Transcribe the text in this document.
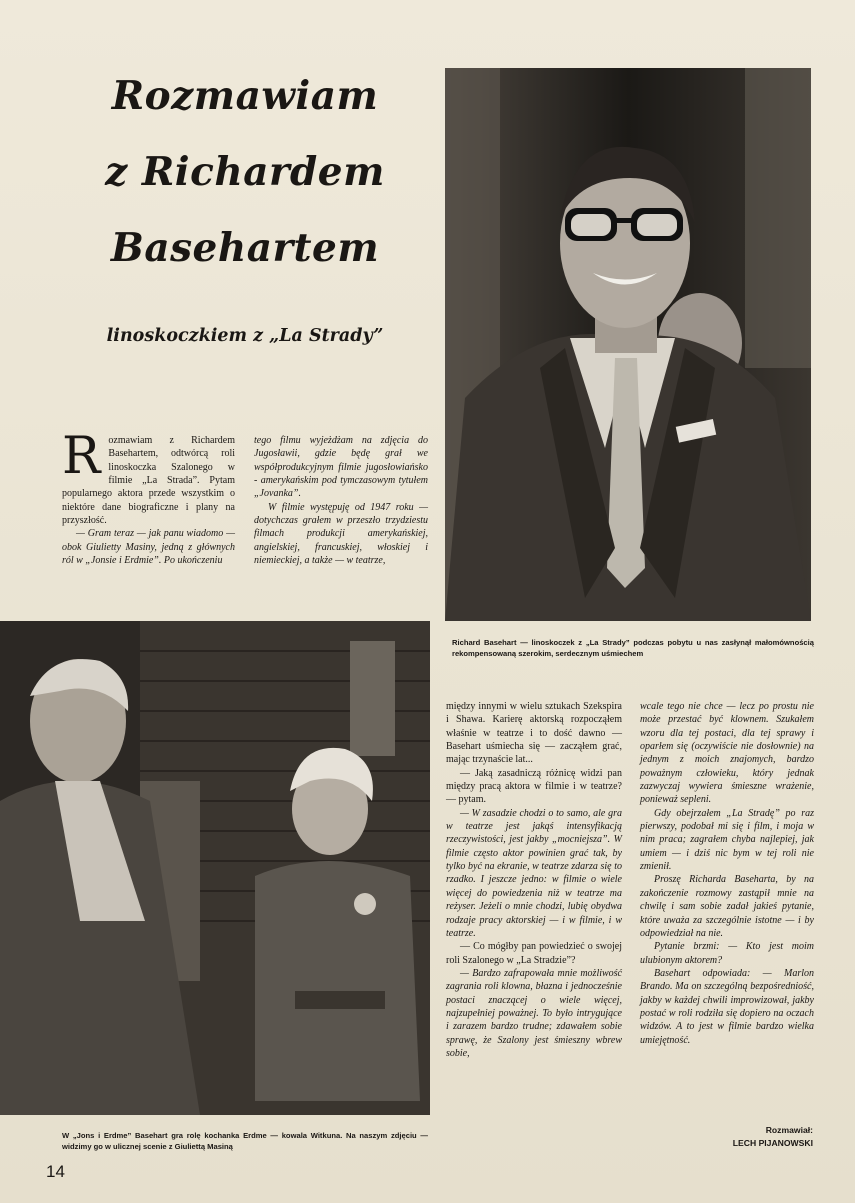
Rozmawiam
z Richardem
Basehartem
linoskoczkiem z „La Strady”
R ozmawiam z Richardem Basehartem, odtwórcą roli linoskoczka Szalonego w filmie „La Strada”. Pytam popularnego aktora przede wszystkim o niektóre dane biograficzne i plany na przyszłość.

— Gram teraz — jak panu wiadomo — obok Giulietty Masiny, jedną z głównych ról w „Jonsie i Erdmie”. Po ukończeniu

tego filmu wyjeżdżam na zdjęcia do Jugosławii, gdzie będę grał we współprodukcyjnym filmie jugosłowiańsko - amerykańskim pod tymczasowym tytułem „Jovanka”.

W filmie występuję od 1947 roku — dotychczas grałem w przeszło trzydziestu filmach produkcji amerykańskiej, angielskiej, francuskiej, włoskiej i niemieckiej, a także — w teatrze,

Richard Basehart — linoskoczek z „La Strady” podczas pobytu u nas zasłynął małomównością rekompensowaną szerokim, serdecznym uśmiechem
W „Jons i Erdme” Basehart gra rolę kochanka Erdme — kowala Witkuna. Na naszym zdjęciu — widzimy go w ulicznej scenie z Giuliettą Masiną

między innymi w wielu sztukach Szekspira i Shawa. Karierę aktorską rozpocząłem właśnie w teatrze i to dość dawno — Basehart uśmiecha się — zacząłem grać, mając trzynaście lat...

— Jaką zasadniczą różnicę widzi pan między pracą aktora w filmie i w teatrze? — pytam.

— W zasadzie chodzi o to samo, ale gra w teatrze jest jakąś intensyfikacją rzeczywistości, jest jakby „mocniejsza”. W filmie często aktor powinien grać tak, by tylko być na ekranie, w teatrze zdarza się to rzadko. I jeszcze jedno: w filmie o wiele więcej do powiedzenia niż w teatrze ma reżyser. Jeżeli o mnie chodzi, lubię obydwa rodzaje pracy aktorskiej — i w filmie, i w teatrze.

— Co mógłby pan powiedzieć o swojej roli Szalonego w „La Stradzie”?

— Bardzo zafrapowała mnie możliwość zagrania roli klowna, błazna i jednocześnie postaci znaczącej o wiele więcej, najzupełniej poważnej. To było intrygujące i zarazem bardzo trudne; zdawałem sobie sprawę, że Szalony jest śmieszny wbrew sobie,

wcale tego nie chce — lecz po prostu nie może przestać być klownem. Szukałem wzoru dla tej postaci, dla tej sprawy i oparłem się (oczywiście nie dosłownie) na jednym z moich znajomych, bardzo poważnym człowieku, który jednak zazwyczaj wywiera śmieszne wrażenie, ponieważ sepleni.

Gdy obejrzałem „La Stradę” po raz pierwszy, podobał mi się i film, i moja w nim praca; zagrałem chyba najlepiej, jak umiem — i dziś nic bym w tej roli nie zmienił.

Proszę Richarda Baseharta, by na zakończenie rozmowy zastąpił mnie na chwilę i sam sobie zadał jakieś pytanie, które uważa za szczególnie istotne — i by odpowiedział na nie.

Pytanie brzmi: — Kto jest moim ulubionym aktorem?

Basehart odpowiada: — Marlon Brando. Ma on szczególną bezpośredniość, jakby w każdej chwili improwizował, jakby postać w roli rodziła się dopiero na oczach widzów. A to jest w filmie bardzo wielka umiejętność.

Rozmawiał:
LECH PIJANOWSKI
14
